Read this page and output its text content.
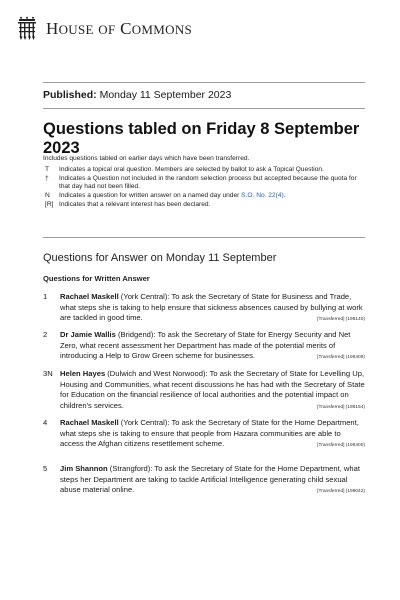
HOUSE OF COMMONS
Published: Monday 11 September 2023
Questions tabled on Friday 8 September 2023
Includes questions tabled on earlier days which have been transferred.
T	Indicates a topical oral question. Members are selected by ballot to ask a Topical Question.
†	Indicates a Question not included in the random selection process but accepted because the quota for that day had not been filled.
N	Indicates a question for written answer on a named day under S.O. No. 22(4).
[R] Indicates that a relevant interest has been declared.
Questions for Answer on Monday 11 September
Questions for Written Answer
1	Rachael Maskell (York Central): To ask the Secretary of State for Business and Trade, what steps she is taking to help ensure that sickness absences caused by bullying at work are tackled in good time.	[Transferred] (198140)
2	Dr Jamie Wallis (Bridgend): To ask the Secretary of State for Energy Security and Net Zero, what recent assessment her Department has made of the potential merits of introducing a Help to Grow Green scheme for businesses.	[Transferred] (198408)
3N Helen Hayes (Dulwich and West Norwood): To ask the Secretary of State for Levelling Up, Housing and Communities, what recent discussions he has had with the Secretary of State for Education on the financial resilience of local authorities and the potential impact on children's services.	[Transferred] (198154)
4	Rachael Maskell (York Central): To ask the Secretary of State for the Home Department, what steps she is taking to ensure that people from Hazara communities are able to access the Afghan citizens resettlement scheme.	[Transferred] (198400)
5	Jim Shannon (Strangford): To ask the Secretary of State for the Home Department, what steps her Department are taking to tackle Artificial Intelligence generating child sexual abuse material online.	[Transferred] (198042)
